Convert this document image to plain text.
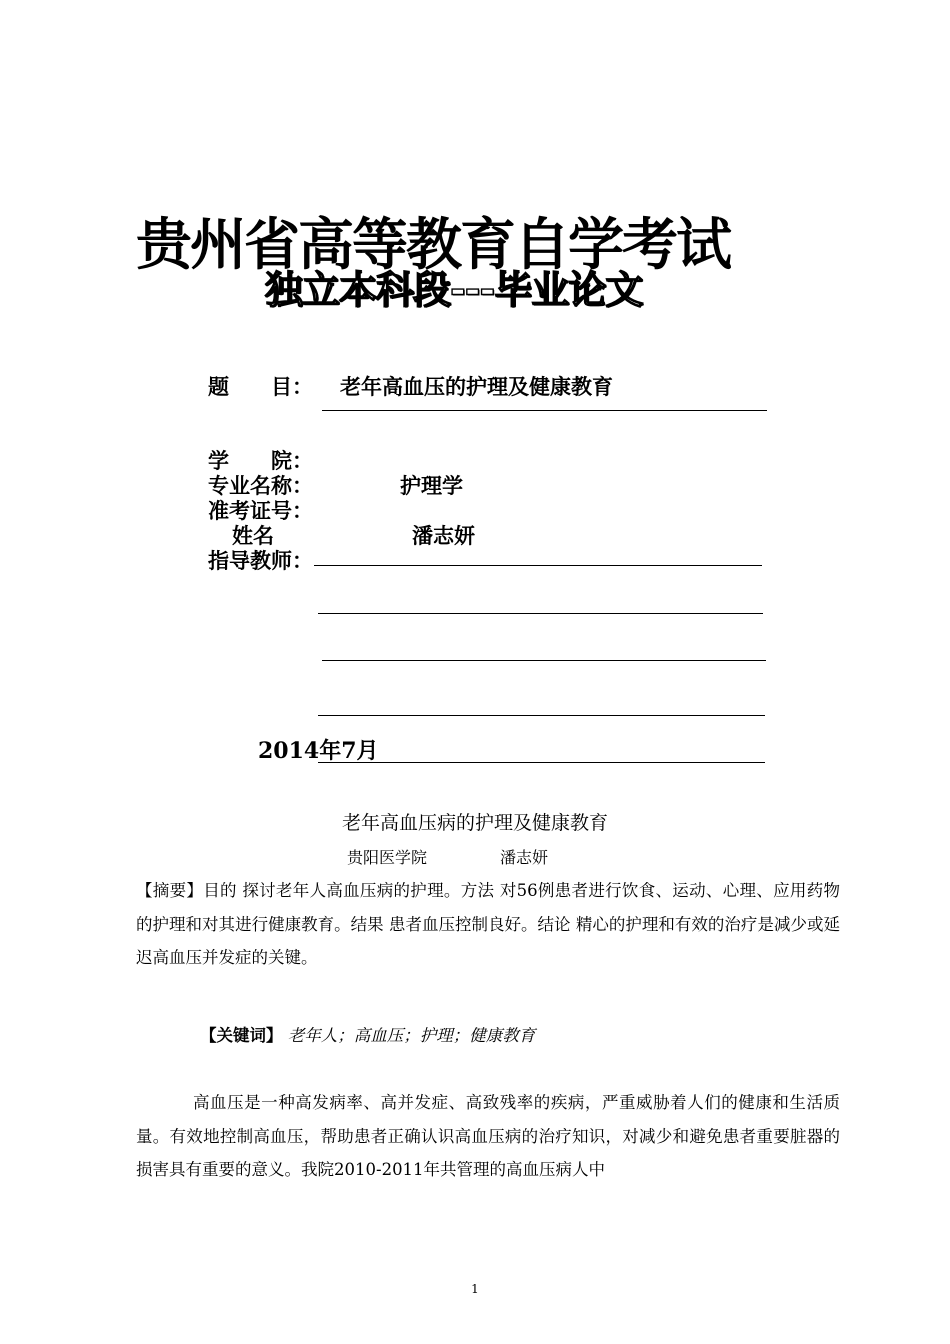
贵州省高等教育自学考试
独立本科段---毕业论文
题　　目： 老年高血压的护理及健康教育
学　　院：
专业名称：	护理学
准考证号：
姓名	潘志妍
指导教师：
2014年7月
老年高血压病的护理及健康教育
贵阳医学院	潘志妍
【摘要】目的 探讨老年人高血压病的护理。方法 对56例患者进行饮食、运动、心理、应用药物的护理和对其进行健康教育。结果 患者血压控制良好。结论 精心的护理和有效的治疗是减少或延迟高血压并发症的关键。
【关键词】 老年人；高血压；护理；健康教育
高血压是一种高发病率、高并发症、高致残率的疾病，严重威胁着人们的健康和生活质量。有效地控制高血压，帮助患者正确认识高血压病的治疗知识，对减少和避免患者重要脏器的损害具有重要的意义。我院2010-2011年共管理的高血压病人中
1
